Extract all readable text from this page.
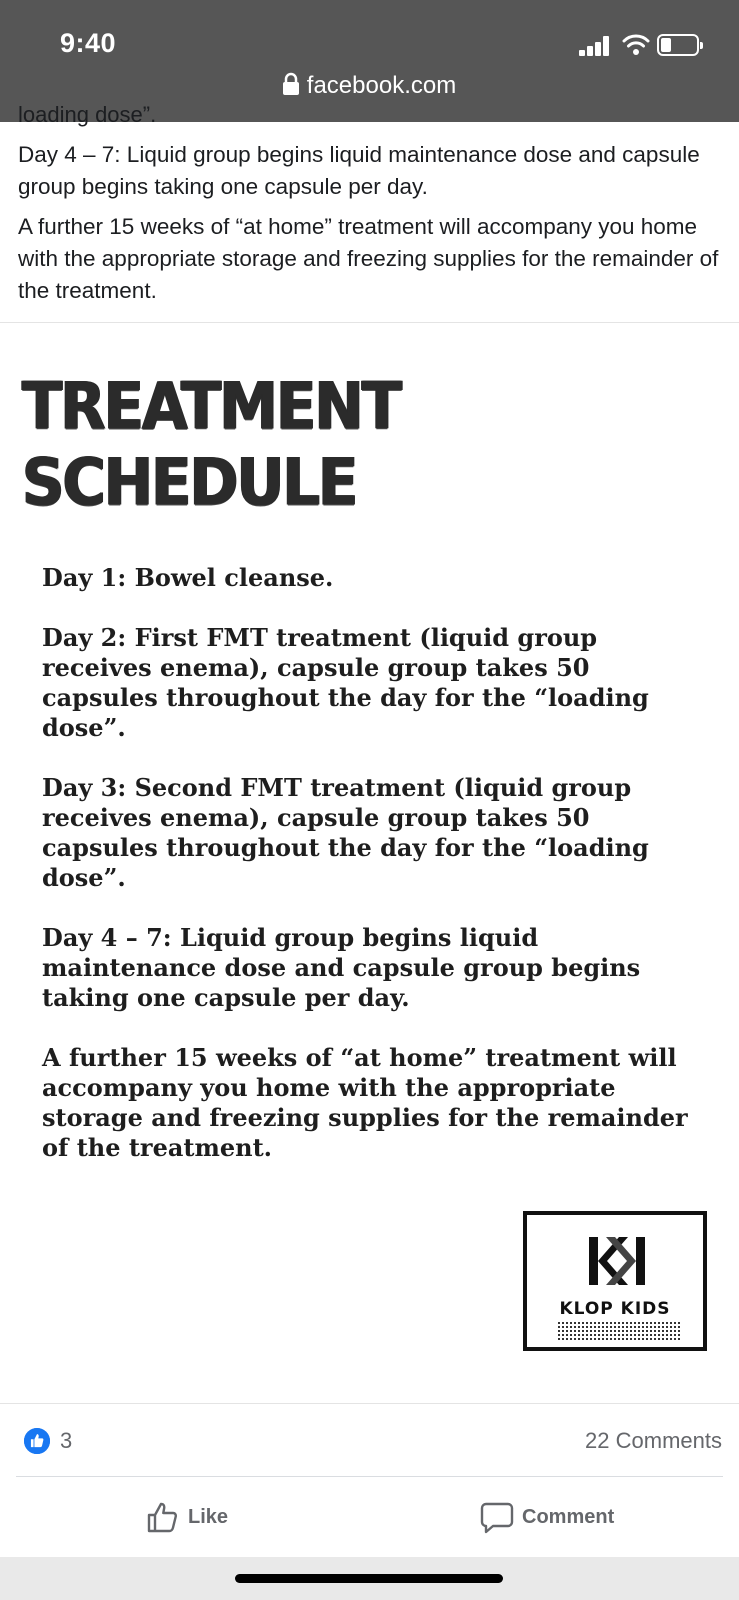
9:40
facebook.com
loading dose”.

Day 4 – 7: Liquid group begins liquid maintenance dose and capsule group begins taking one capsule per day.

A further 15 weeks of “at home” treatment will accompany you home with the appropriate storage and freezing supplies for the remainder of the treatment.

TREATMENT SCHEDULE

Day 1: Bowel cleanse.

Day 2: First FMT treatment (liquid group receives enema), capsule group takes 50 capsules throughout the day for the “loading dose”.

Day 3: Second FMT treatment (liquid group receives enema), capsule group takes 50 capsules throughout the day for the “loading dose”.

Day 4 – 7: Liquid group begins liquid maintenance dose and capsule group begins taking one capsule per day.

A further 15 weeks of “at home” treatment will accompany you home with the appropriate storage and freezing supplies for the remainder of the treatment.

KLOP KIDS
3	22 Comments
Like	Comment
